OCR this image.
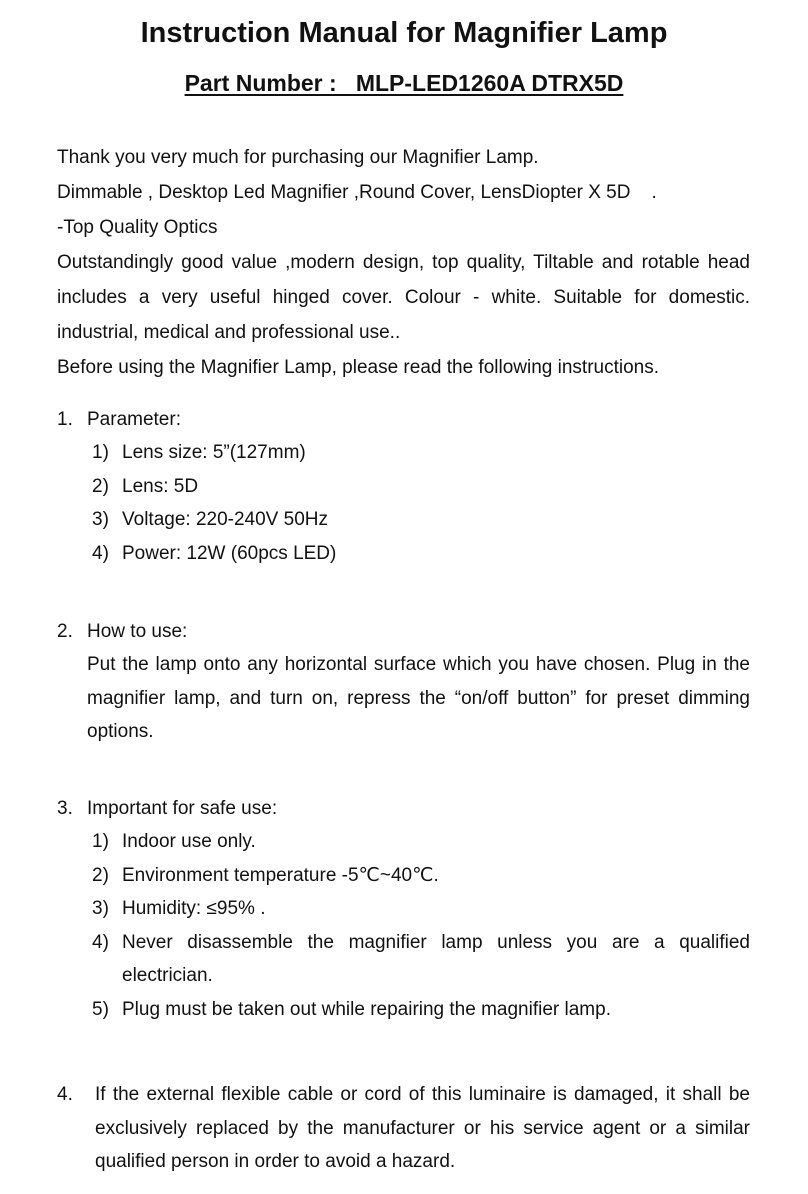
Instruction Manual for Magnifier Lamp
Part Number :   MLP-LED1260A DTRX5D

Thank you very much for purchasing our Magnifier Lamp.

Dimmable , Desktop Led Magnifier ,Round Cover, LensDiopter X 5D    .

-Top Quality Optics

Outstandingly good value ,modern design, top quality, Tiltable and rotable head includes a very useful hinged cover. Colour - white. Suitable for domestic. industrial, medical and professional use..

Before using the Magnifier Lamp, please read the following instructions.

1. Parameter:
1) Lens size: 5”(127mm)
2) Lens: 5D
3) Voltage: 220-240V 50Hz
4) Power: 12W (60pcs LED)
2. How to use:
Put the lamp onto any horizontal surface which you have chosen. Plug in the magnifier lamp, and turn on, repress the “on/off button” for preset dimming options.
3. Important for safe use:
1) Indoor use only.
2) Environment temperature -5℃~40℃.
3) Humidity: ≤95% .
4) Never disassemble the magnifier lamp unless you are a qualified electrician.
5) Plug must be taken out while repairing the magnifier lamp.
4.	If the external flexible cable or cord of this luminaire is damaged, it shall be exclusively replaced by the manufacturer or his service agent or a similar qualified person in order to avoid a hazard.
